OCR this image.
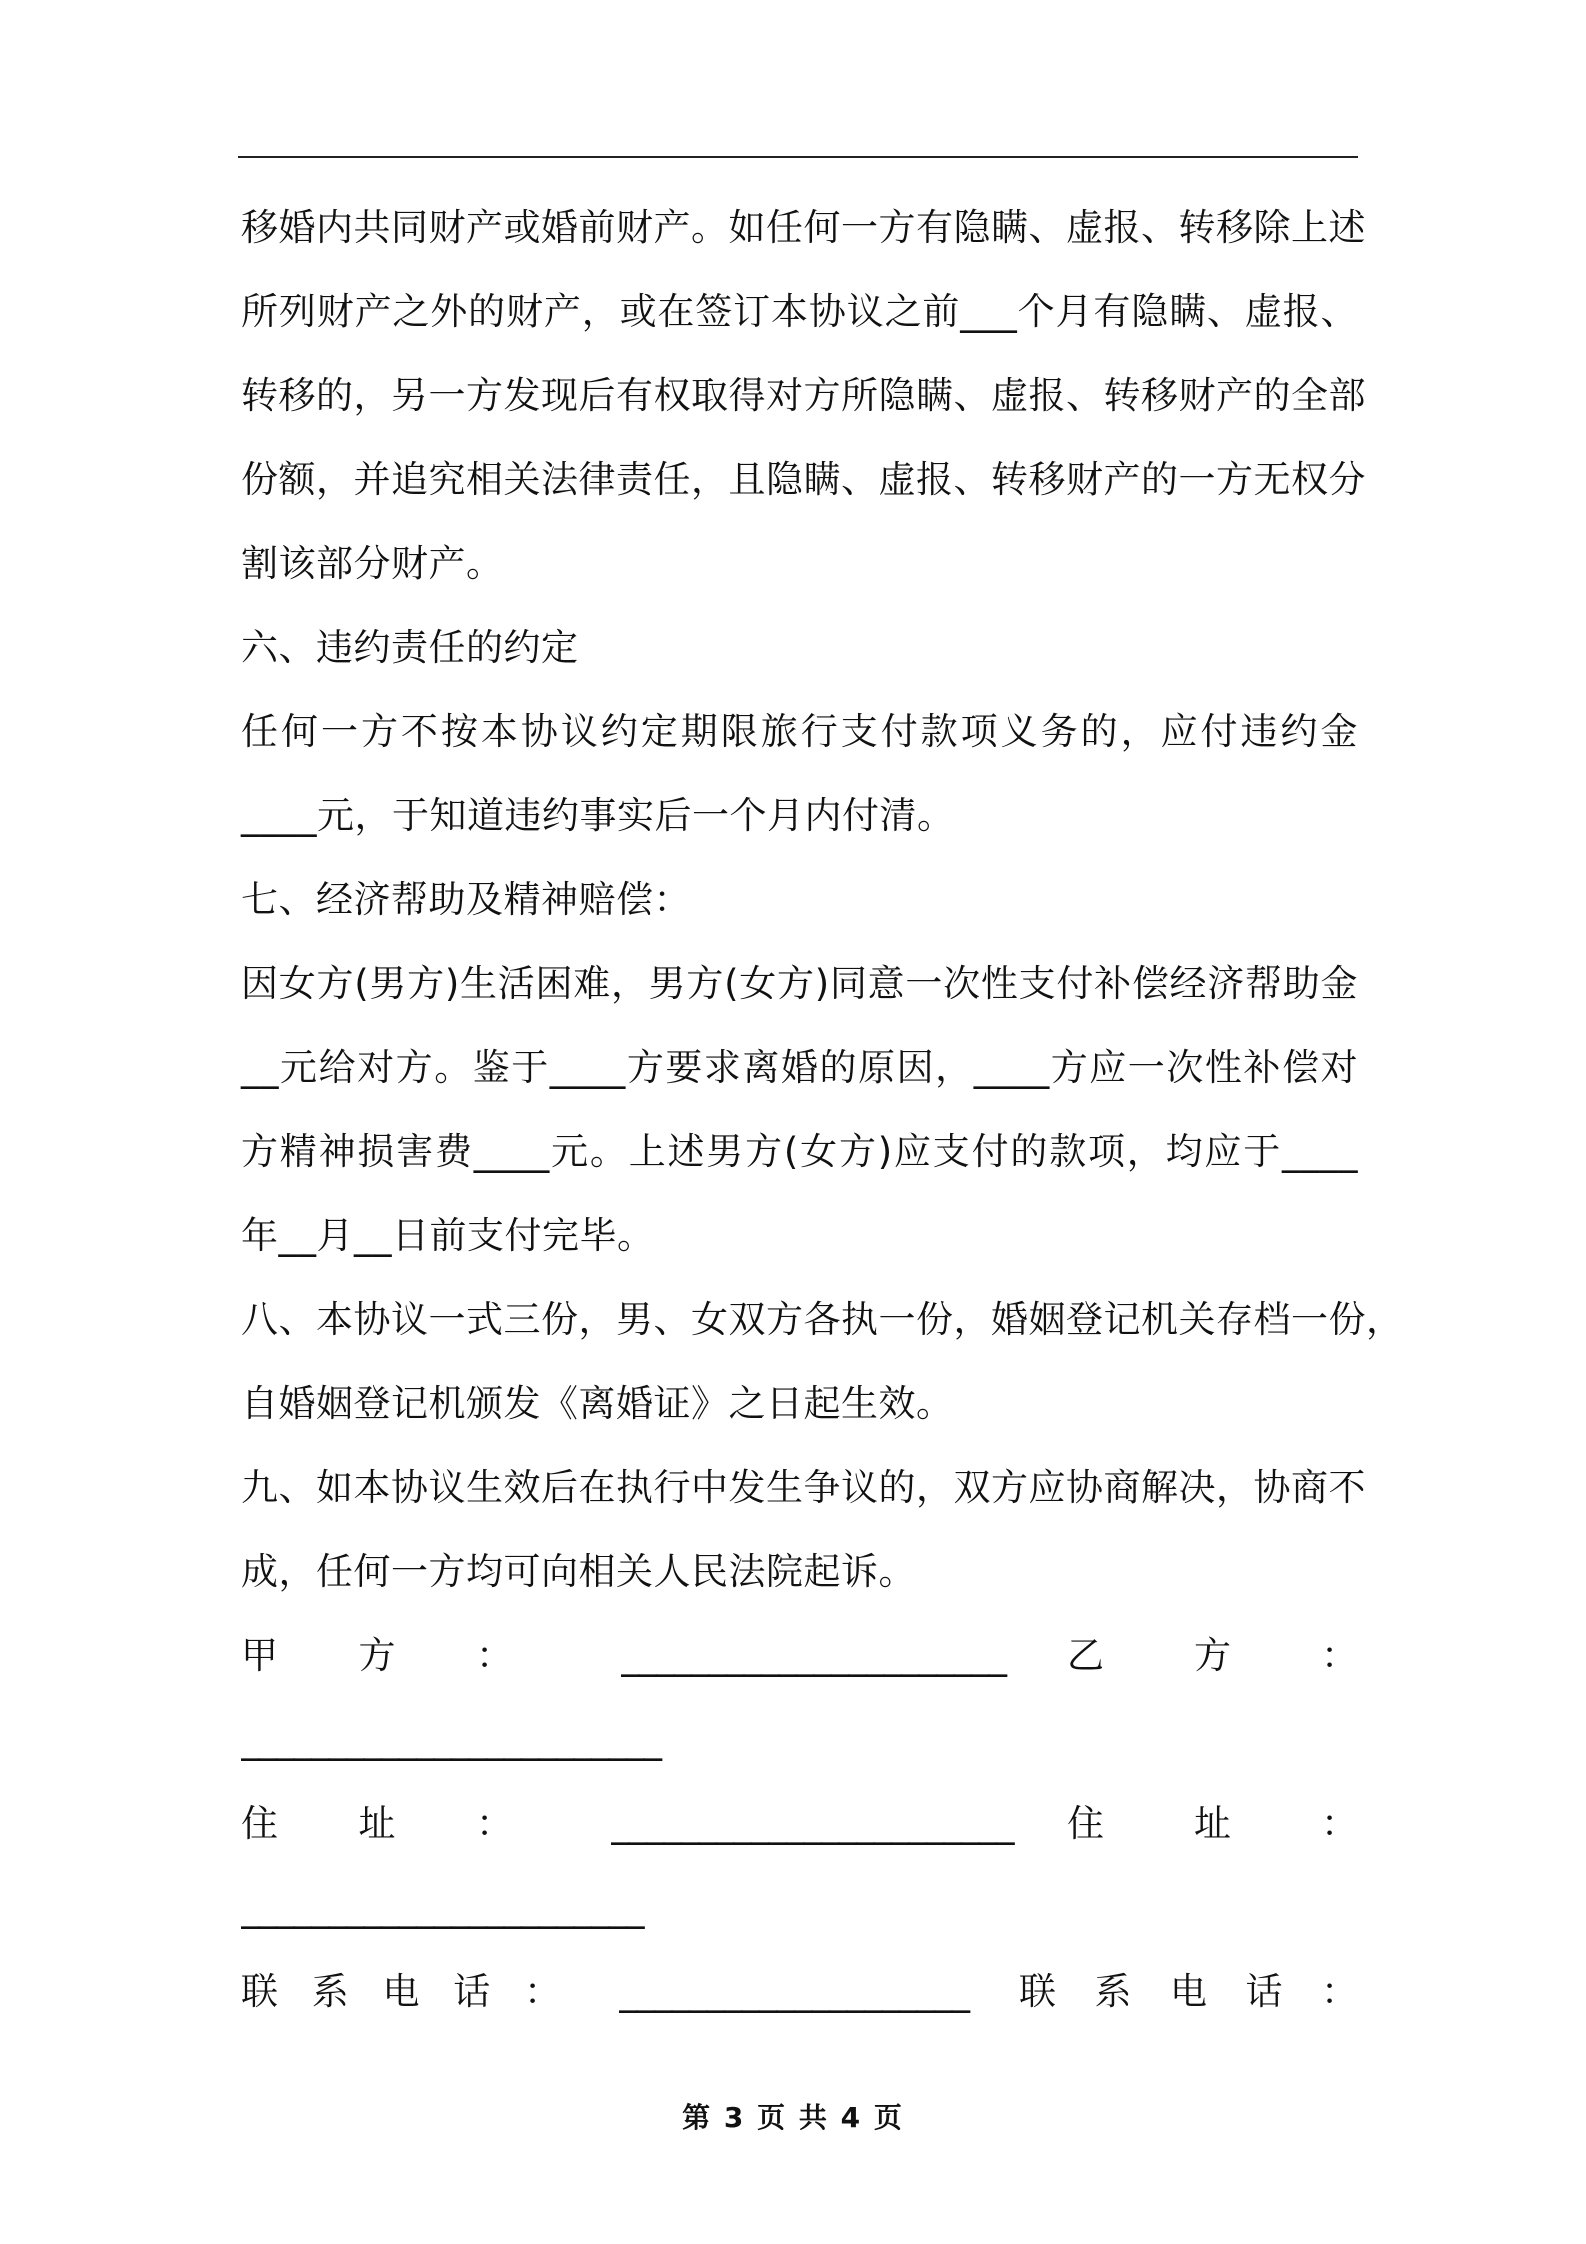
移婚内共同财产或婚前财产。如任何一方有隐瞒、虚报、转移除上述
所列财产之外的财产，或在签订本协议之前___个月有隐瞒、虚报、
转移的，另一方发现后有权取得对方所隐瞒、虚报、转移财产的全部
份额，并追究相关法律责任，且隐瞒、虚报、转移财产的一方无权分
割该部分财产。
六、违约责任的约定
任何一方不按本协议约定期限旅行支付款项义务的，应付违约金
____元，于知道违约事实后一个月内付清。
七、经济帮助及精神赔偿：
因女方(男方)生活困难，男方(女方)同意一次性支付补偿经济帮助金
__元给对方。鉴于____方要求离婚的原因，____方应一次性补偿对
方精神损害费____元。上述男方(女方)应支付的款项，均应于____
年__月__日前支付完毕。
八、本协议一式三份，男、女双方各执一份，婚姻登记机关存档一份，
自婚姻登记机颁发《离婚证》之日起生效。
九、如本协议生效后在执行中发生争议的，双方应协商解决，协商不
成，任何一方均可向相关人民法院起诉。
甲方：	______________________	乙方：
________________________
住址：	_______________________	住址：
_______________________
联系电话： ____________________	联系电话：
第 3 页 共 4 页
